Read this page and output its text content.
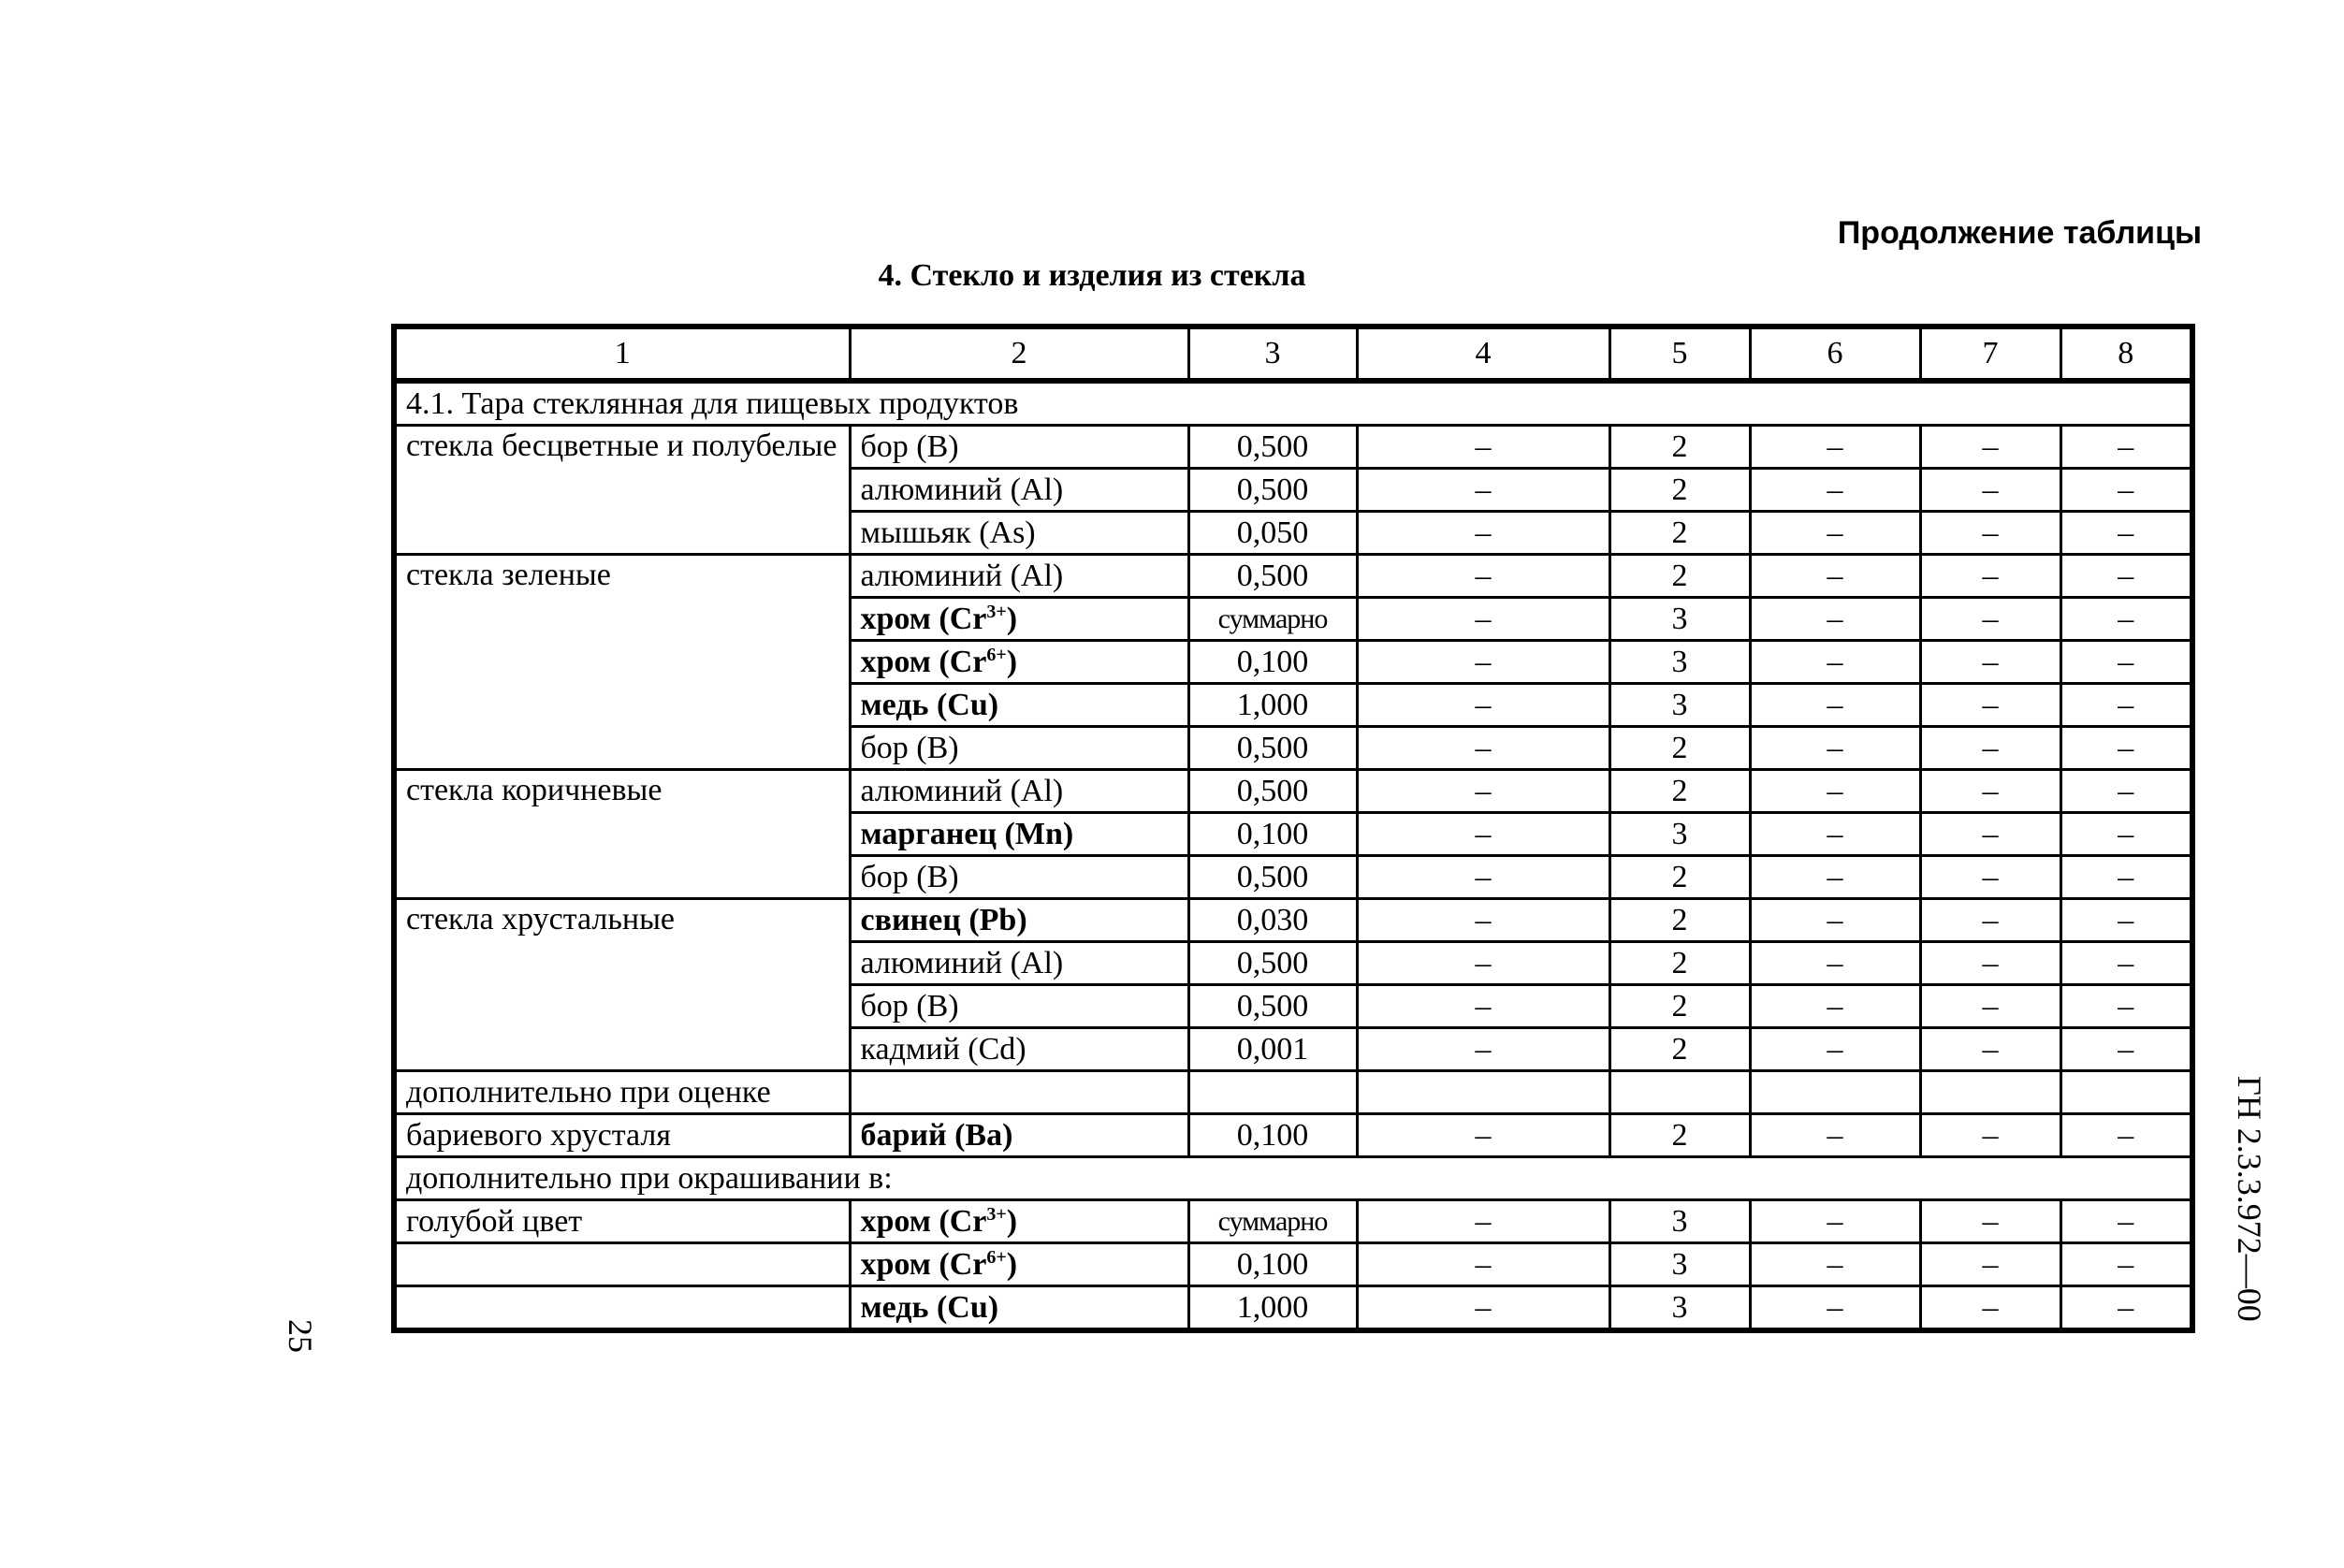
Продолжение таблицы
4. Стекло и изделия из стекла
ГН 2.3.3.972—00
25
1	2	3	4	5	6	7	8
4.1. Тара стеклянная для пищевых продуктов							
стекла бесцветные и полубелые	бор (B)	0,500	–	2	–	–	–
	алюминий (Al)	0,500	–	2	–	–	–
	мышьяк (As)	0,050	–	2	–	–	–
стекла зеленые	алюминий (Al)	0,500	–	2	–	–	–
	хром $(Cr^{3+})$	суммарно	–	3	–	–	–
	хром $(Cr^{6+})$	0,100	–	3	–	–	–
	медь (Cu)	1,000	–	3	–	–	–
	бор (B)	0,500	–	2	–	–	–
стекла коричневые	алюминий (Al)	0,500	–	2	–	–	–
	марганец (Mn)	0,100	–	3	–	–	–
	бор (B)	0,500	–	2	–	–	–
стекла хрустальные	свинец (Pb)	0,030	–	2	–	–	–
	алюминий (Al)	0,500	–	2	–	–	–
	бор (B)	0,500	–	2	–	–	–
	кадмий (Cd)	0,001	–	2	–	–	–
дополнительно при оценке							
бариевого хрусталя	барий (Ba)	0,100	–	2	–	–	–
дополнительно при окрашивании в:							
голубой цвет	хром $(Cr^{3+})$	суммарно	–	3	–	–	–
	хром $(Cr^{6+})$	0,100	–	3	–	–	–
	медь (Cu)	1,000	–	3	–	–	–
